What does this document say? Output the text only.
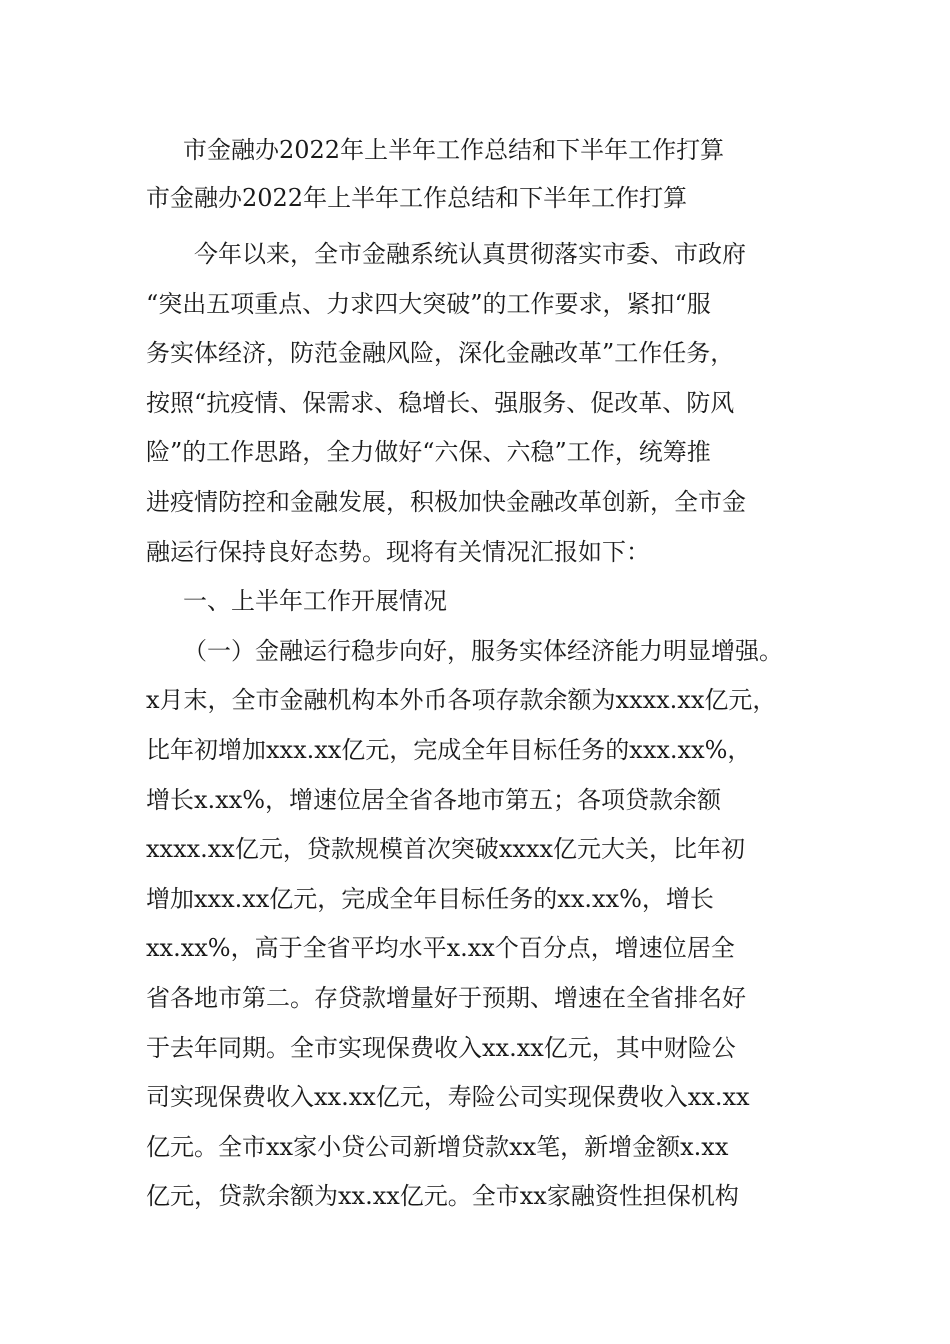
市金融办2022年上半年工作总结和下半年工作打算
市金融办2022年上半年工作总结和下半年工作打算
今年以来，全市金融系统认真贯彻落实市委、市政府
“突出五项重点、力求四大突破”的工作要求，紧扣“服
务实体经济，防范金融风险，深化金融改革”工作任务，
按照“抗疫情、保需求、稳增长、强服务、促改革、防风
险”的工作思路，全力做好“六保、六稳”工作，统筹推
进疫情防控和金融发展，积极加快金融改革创新，全市金
融运行保持良好态势。现将有关情况汇报如下：
一、上半年工作开展情况
（一）金融运行稳步向好，服务实体经济能力明显增强。
x月末，全市金融机构本外币各项存款余额为xxxx.xx亿元，
比年初增加xxx.xx亿元，完成全年目标任务的xxx.xx%，
增长x.xx%，增速位居全省各地市第五；各项贷款余额
xxxx.xx亿元，贷款规模首次突破xxxx亿元大关，比年初
增加xxx.xx亿元，完成全年目标任务的xx.xx%，增长
xx.xx%，高于全省平均水平x.xx个百分点，增速位居全
省各地市第二。存贷款增量好于预期、增速在全省排名好
于去年同期。全市实现保费收入xx.xx亿元，其中财险公
司实现保费收入xx.xx亿元，寿险公司实现保费收入xx.xx
亿元。全市xx家小贷公司新增贷款xx笔，新增金额x.xx
亿元，贷款余额为xx.xx亿元。全市xx家融资性担保机构
